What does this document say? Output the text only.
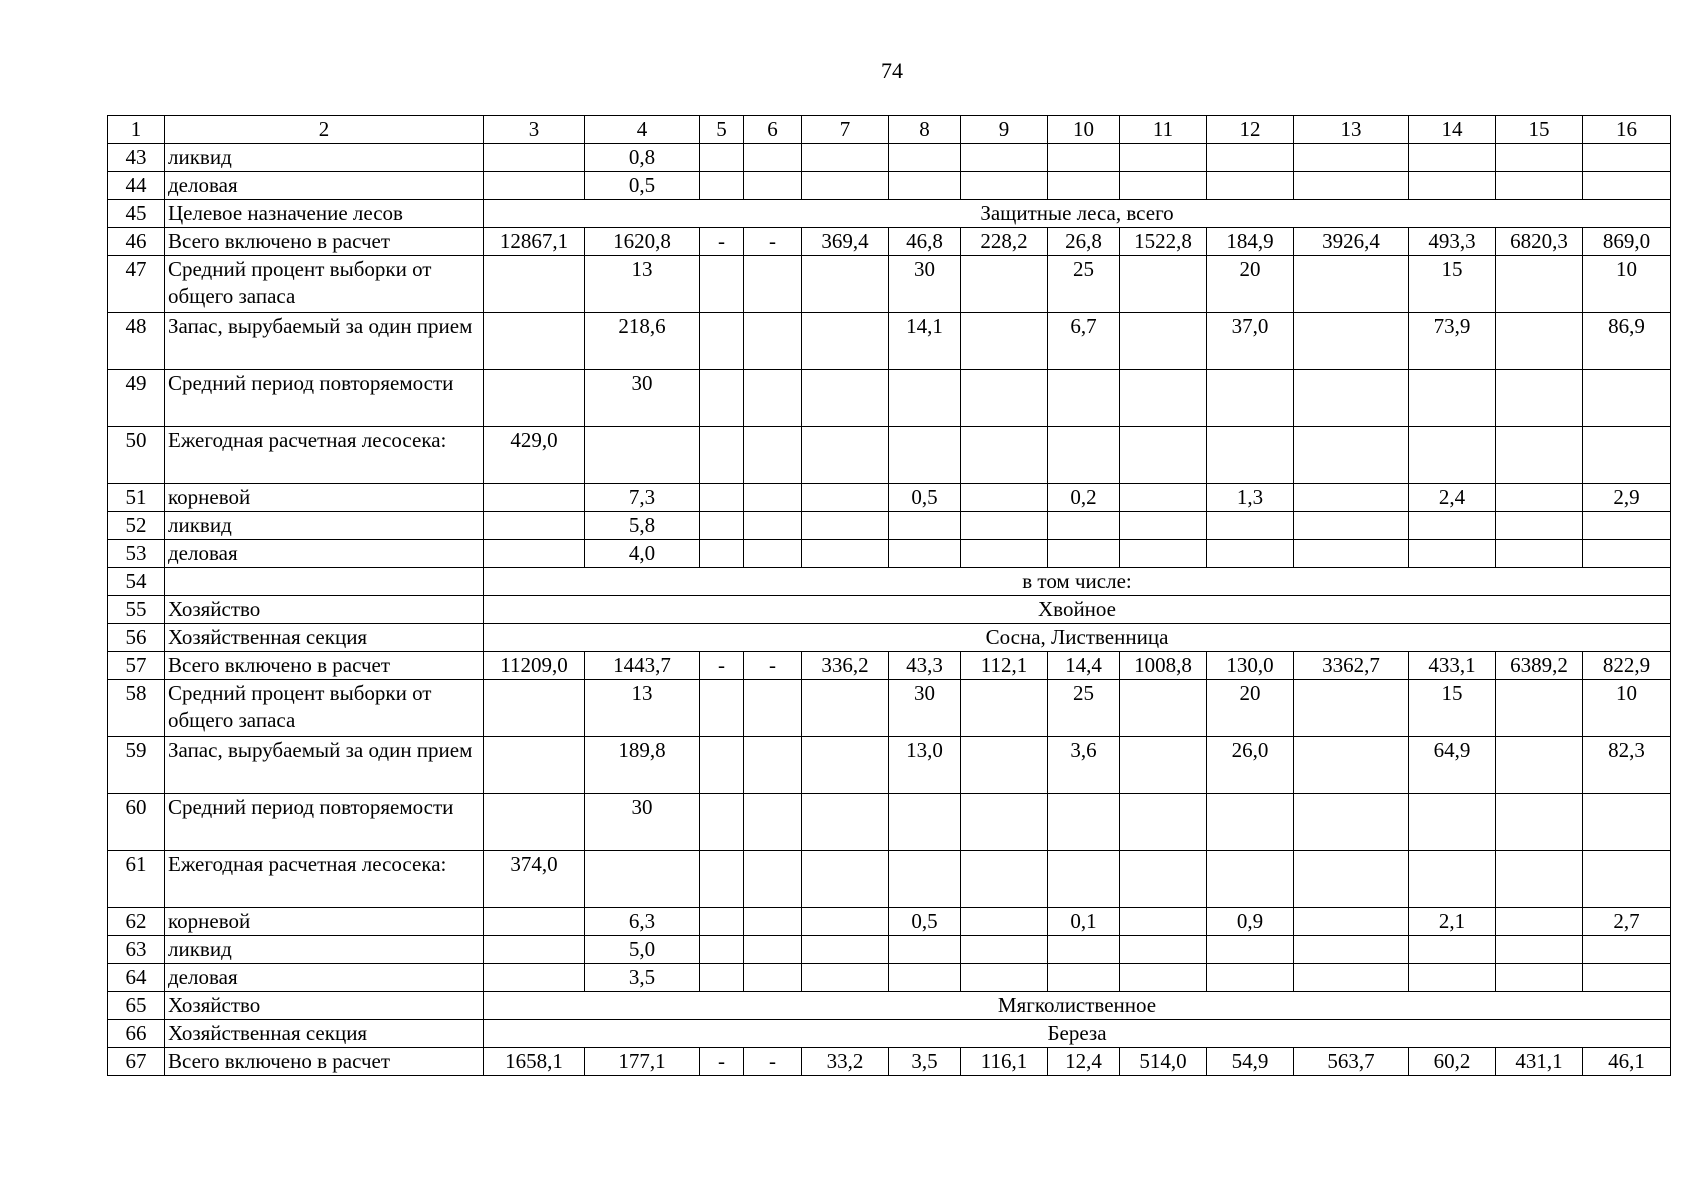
74
1	2	3	4	5	6	7	8	9	10	11	12	13	14	15	16	
43	ликвид		0,8													
44	деловая		0,5													
45	Целевое назначение лесов	Защитные леса, всего														
46	Всего включено в расчет	12867,1	1620,8	-	-	369,4	46,8	228,2	26,8	1522,8	184,9	3926,4	493,3	6820,3	869,0	
47	Средний процент выборки от общего запаса		13				30		25		20		15		10	
48	Запас, вырубаемый за один прием		218,6				14,1		6,7		37,0		73,9		86,9	
49	Средний период повторяемости		30													
50	Ежегодная расчетная лесосека:	429,0														
51	корневой		7,3				0,5		0,2		1,3		2,4		2,9	
52	ликвид		5,8													
53	деловая		4,0													
54		в том числе:														
55	Хозяйство	Хвойное														
56	Хозяйственная секция	Сосна, Лиственница														
57	Всего включено в расчет	11209,0	1443,7	-	-	336,2	43,3	112,1	14,4	1008,8	130,0	3362,7	433,1	6389,2	822,9	
58	Средний процент выборки от общего запаса		13				30		25		20		15		10	
59	Запас, вырубаемый за один прием		189,8				13,0		3,6		26,0		64,9		82,3	
60	Средний период повторяемости		30													
61	Ежегодная расчетная лесосека:	374,0														
62	корневой		6,3				0,5		0,1		0,9		2,1		2,7	
63	ликвид		5,0													
64	деловая		3,5													
65	Хозяйство	Мягколиственное														
66	Хозяйственная секция	Береза														
67	Всего включено в расчет	1658,1	177,1	-	-	33,2	3,5	116,1	12,4	514,0	54,9	563,7	60,2	431,1	46,1	
